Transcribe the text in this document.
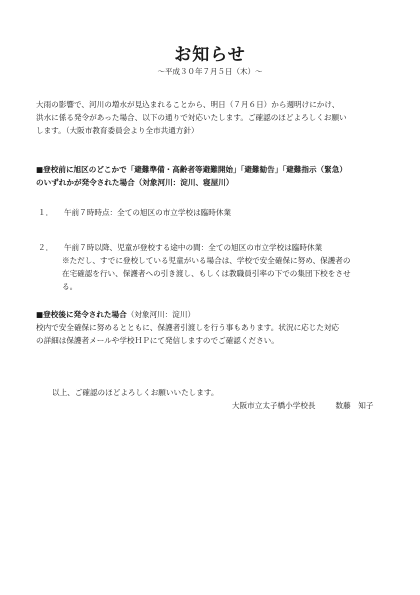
お知らせ
～平成３０年７月５日（木）～
大雨の影響で、河川の増水が見込まれることから、明日（７月６日）から週明けにかけ、
洪水に係る発令があった場合、以下の通りで対応いたします。ご確認のほどよろしくお願い
します。（大阪市教育委員会より全市共通方針）
■登校前に旭区のどこかで「避難準備・高齢者等避難開始」「避難勧告」「避難指示（緊急）
のいずれかが発令された場合（対象河川：淀川、寝屋川）
１． 午前７時時点：全ての旭区の市立学校は臨時休業
２． 午前７時以降、児童が登校する途中の間：全ての旭区の市立学校は臨時休業
※ただし、すでに登校している児童がいる場合は、学校で安全確保に努め、保護者の
在宅確認を行い、保護者への引き渡し、もしくは教職員引率の下での集団下校をさせ
る。
■登校後に発令された場合（対象河川：淀川）
校内で安全確保に努めるとともに、保護者引渡しを行う事もあります。状況に応じた対応
の詳細は保護者メールや学校ＨＰにて発信しますのでご確認ください。
以上、ご確認のほどよろしくお願いいたします。
大阪市立太子橋小学校長	数藤　知子
